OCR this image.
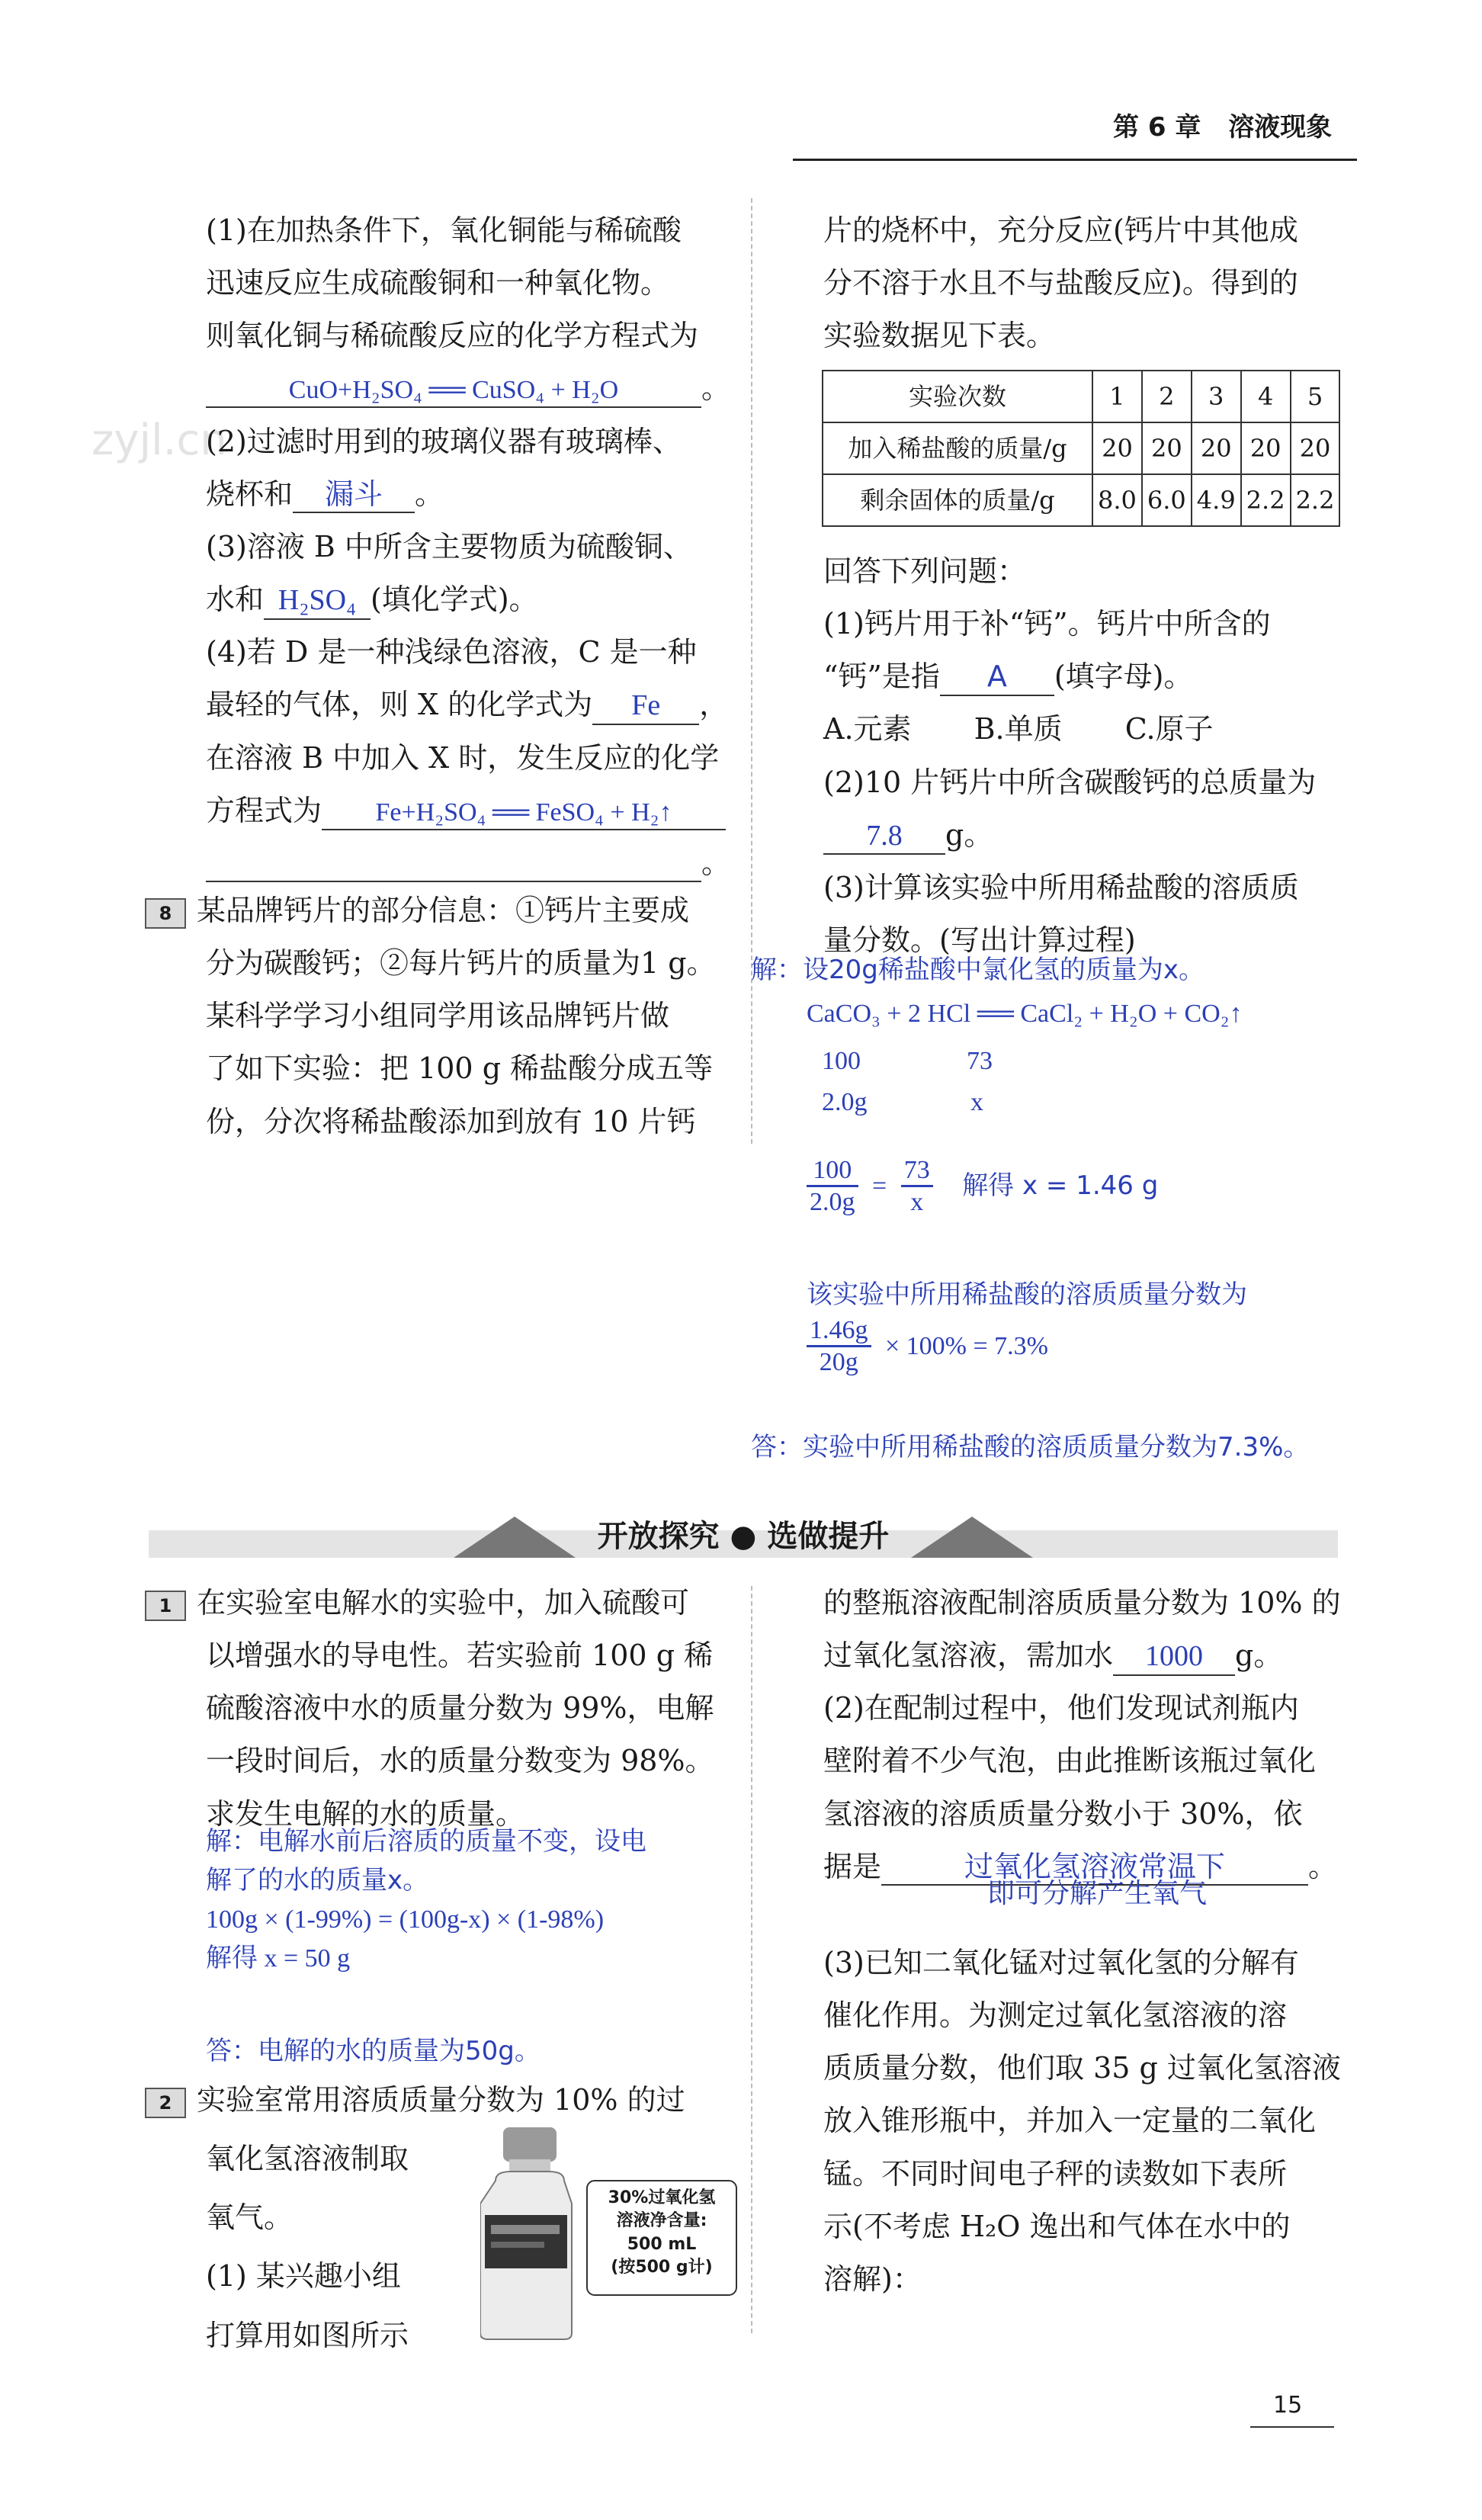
第 6 章 溶液现象
zyjl.cn
(1)在加热条件下，氧化铜能与稀硫酸
迅速反应生成硫酸铜和一种氧化物。
则氧化铜与稀硫酸反应的化学方程式为
CuO+H₂SO₄ ══ CuSO₄ + H₂O	。
(2)过滤时用到的玻璃仪器有玻璃棒、
烧杯和 漏斗 。
(3)溶液 B 中所含主要物质为硫酸铜、
水和 H₂SO₄ (填化学式)。
(4)若 D 是一种浅绿色溶液，C 是一种
最轻的气体，则 X 的化学式为 Fe ，
在溶液 B 中加入 X 时，发生反应的化学
方程式为 Fe+H₂SO₄ ══ FeSO₄ + H₂↑
。
8 某品牌钙片的部分信息：①钙片主要成
分为碳酸钙；②每片钙片的质量为1 g。
某科学学习小组同学用该品牌钙片做
了如下实验：把 100 g 稀盐酸分成五等
份，分次将稀盐酸添加到放有 10 片钙
片的烧杯中，充分反应(钙片中其他成
分不溶于水且不与盐酸反应)。得到的
实验数据见下表。
实验次数	1	2	3	4	5
加入稀盐酸的质量/g	20	20	20	20	20
剩余固体的质量/g	8.0	6.0	4.9	2.2	2.2
回答下列问题：
(1)钙片用于补“钙”。钙片中所含的
“钙”是指 A (填字母)。
A.元素 B.单质 C.原子
(2)10 片钙片中所含碳酸钙的总质量为
7.8 g。
(3)计算该实验中所用稀盐酸的溶质质
量分数。(写出计算过程)
解：设20g稀盐酸中氯化氢的质量为x。
CaCO₃ + 2 HCl ══ CaCl₂ + H₂O + CO₂↑
100	73
2.0g	x
$\frac{100}{2.0g} = \frac{73}{x}$ 解得 x = 1.46 g
该实验中所用稀盐酸的溶质质量分数为
$\frac{1.46g}{20g} \times 100\% = 7.3\%$
答：实验中所用稀盐酸的溶质质量分数为7.3%。
开放探究 ● 选做提升
1 在实验室电解水的实验中，加入硫酸可
以增强水的导电性。若实验前 100 g 稀
硫酸溶液中水的质量分数为 99%，电解
一段时间后，水的质量分数变为 98%。
求发生电解的水的质量。
解：电解水前后溶质的质量不变，设电
解了的水的质量x。
100g × (1-99%) = (100g-x) × (1-98%)
解得 x = 50 g
答：电解的水的质量为50g。
2 实验室常用溶质质量分数为 10% 的过
氧化氢溶液制取
氧气。
(1) 某兴趣小组
打算用如图所示
30%过氧化氢
溶液净含量:
500 mL
(按500 g计)
的整瓶溶液配制溶质质量分数为 10% 的
过氧化氢溶液，需加水 1000 g。
(2)在配制过程中，他们发现试剂瓶内
壁附着不少气泡，由此推断该瓶过氧化
氢溶液的溶质质量分数小于 30%，依
据是	过氧化氢溶液常温下	。
即可分解产生氧气
(3)已知二氧化锰对过氧化氢的分解有
催化作用。为测定过氧化氢溶液的溶
质质量分数，他们取 35 g 过氧化氢溶液
放入锥形瓶中，并加入一定量的二氧化
锰。不同时间电子秤的读数如下表所
示(不考虑 H₂O 逸出和气体在水中的
溶解)：
15
